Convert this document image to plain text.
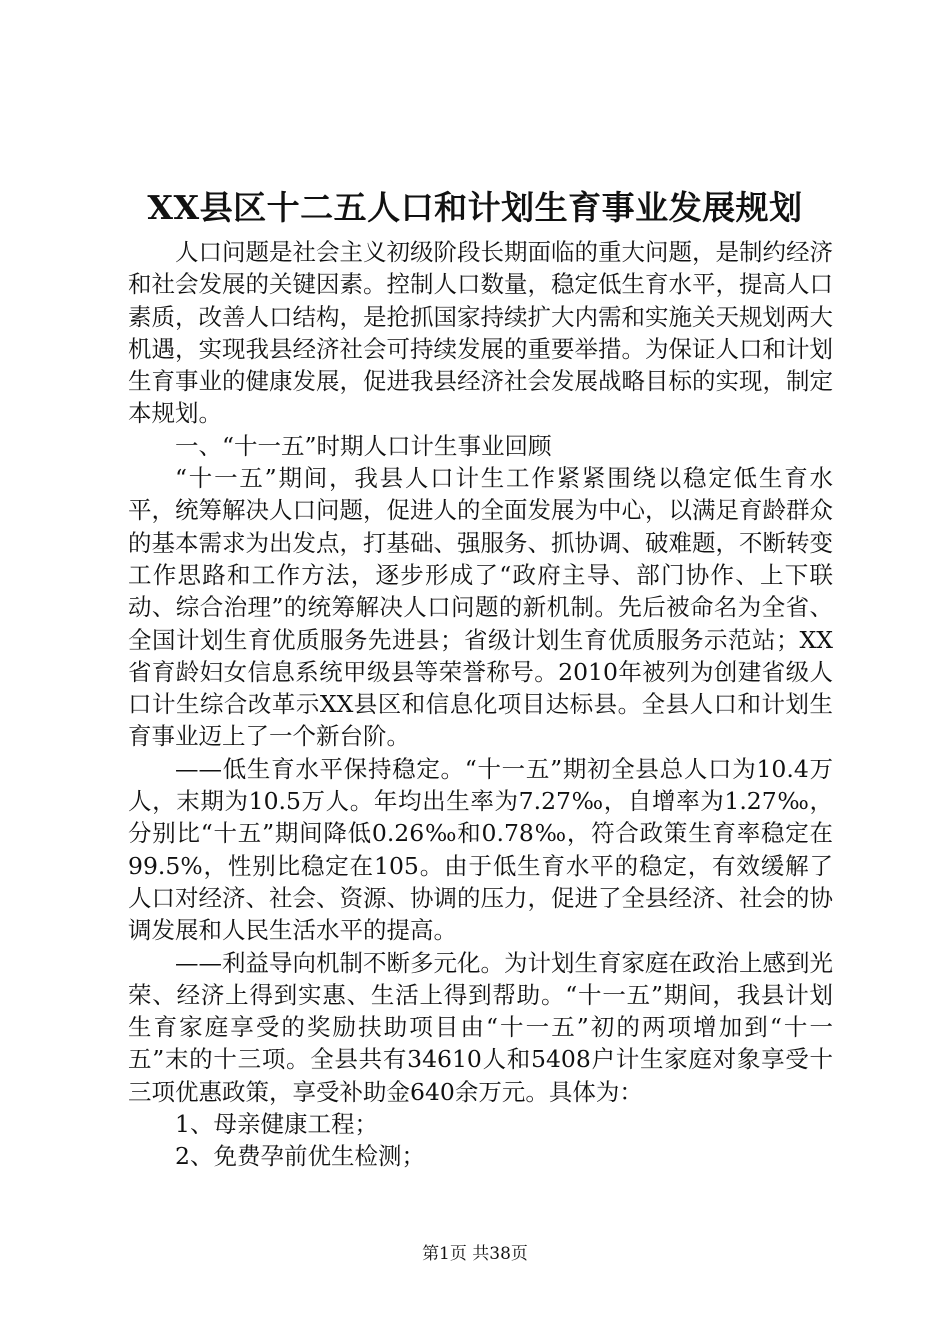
XX县区十二五人口和计划生育事业发展规划

人口问题是社会主义初级阶段长期面临的重大问题，是制约经济和社会发展的关键因素。控制人口数量，稳定低生育水平，提高人口素质，改善人口结构，是抢抓国家持续扩大内需和实施关天规划两大机遇，实现我县经济社会可持续发展的重要举措。为保证人口和计划生育事业的健康发展，促进我县经济社会发展战略目标的实现，制定本规划。

一、“十一五”时期人口计生事业回顾

“十一五”期间，我县人口计生工作紧紧围绕以稳定低生育水平，统筹解决人口问题，促进人的全面发展为中心，以满足育龄群众的基本需求为出发点，打基础、强服务、抓协调、破难题，不断转变工作思路和工作方法，逐步形成了“政府主导、部门协作、上下联动、综合治理”的统筹解决人口问题的新机制。先后被命名为全省、全国计划生育优质服务先进县；省级计划生育优质服务示范站；XX省育龄妇女信息系统甲级县等荣誉称号。2010年被列为创建省级人口计生综合改革示XX县区和信息化项目达标县。全县人口和计划生育事业迈上了一个新台阶。

——低生育水平保持稳定。“十一五”期初全县总人口为10.4万人，末期为10.5万人。年均出生率为7.27‰，自增率为1.27‰，分别比“十五”期间降低0.26‰和0.78‰，符合政策生育率稳定在99.5%，性别比稳定在105。由于低生育水平的稳定，有效缓解了人口对经济、社会、资源、协调的压力，促进了全县经济、社会的协调发展和人民生活水平的提高。

——利益导向机制不断多元化。为计划生育家庭在政治上感到光荣、经济上得到实惠、生活上得到帮助。“十一五”期间，我县计划生育家庭享受的奖励扶助项目由“十一五”初的两项增加到“十一五”末的十三项。全县共有34610人和5408户计生家庭对象享受十三项优惠政策，享受补助金640余万元。具体为：

1、母亲健康工程；

2、免费孕前优生检测；

第1页 共38页
